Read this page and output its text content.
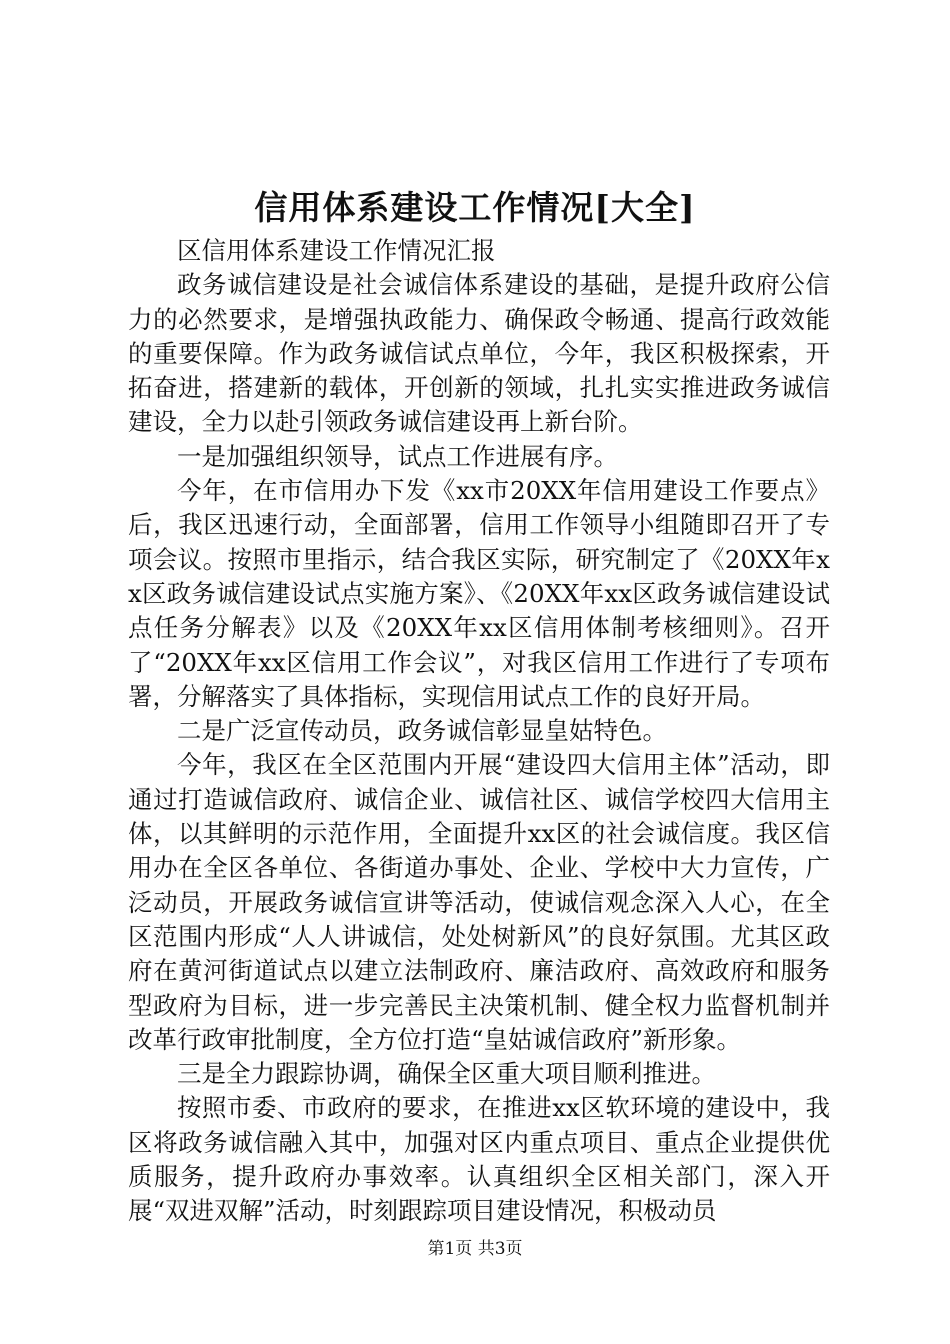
信用体系建设工作情况[大全]

区信用体系建设工作情况汇报

政务诚信建设是社会诚信体系建设的基础，是提升政府公信力的必然要求，是增强执政能力、确保政令畅通、提高行政效能的重要保障。作为政务诚信试点单位，今年，我区积极探索，开拓奋进，搭建新的载体，开创新的领域，扎扎实实推进政务诚信建设，全力以赴引领政务诚信建设再上新台阶。

一是加强组织领导，试点工作进展有序。

今年，在市信用办下发《xx市20XX年信用建设工作要点》后，我区迅速行动，全面部署，信用工作领导小组随即召开了专项会议。按照市里指示，结合我区实际，研究制定了《20XX年xx区政务诚信建设试点实施方案》、《20XX年xx区政务诚信建设试点任务分解表》以及《20XX年xx区信用体制考核细则》。召开了“20XX年xx区信用工作会议”，对我区信用工作进行了专项布署，分解落实了具体指标，实现信用试点工作的良好开局。

二是广泛宣传动员，政务诚信彰显皇姑特色。

今年，我区在全区范围内开展“建设四大信用主体”活动，即通过打造诚信政府、诚信企业、诚信社区、诚信学校四大信用主体，以其鲜明的示范作用，全面提升xx区的社会诚信度。我区信用办在全区各单位、各街道办事处、企业、学校中大力宣传，广泛动员，开展政务诚信宣讲等活动，使诚信观念深入人心，在全区范围内形成“人人讲诚信，处处树新风”的良好氛围。尤其区政府在黄河街道试点以建立法制政府、廉洁政府、高效政府和服务型政府为目标，进一步完善民主决策机制、健全权力监督机制并改革行政审批制度，全方位打造“皇姑诚信政府”新形象。

三是全力跟踪协调，确保全区重大项目顺利推进。

按照市委、市政府的要求，在推进xx区软环境的建设中，我区将政务诚信融入其中，加强对区内重点项目、重点企业提供优质服务，提升政府办事效率。认真组织全区相关部门，深入开展“双进双解”活动，时刻跟踪项目建设情况，积极动员

第1页 共3页
